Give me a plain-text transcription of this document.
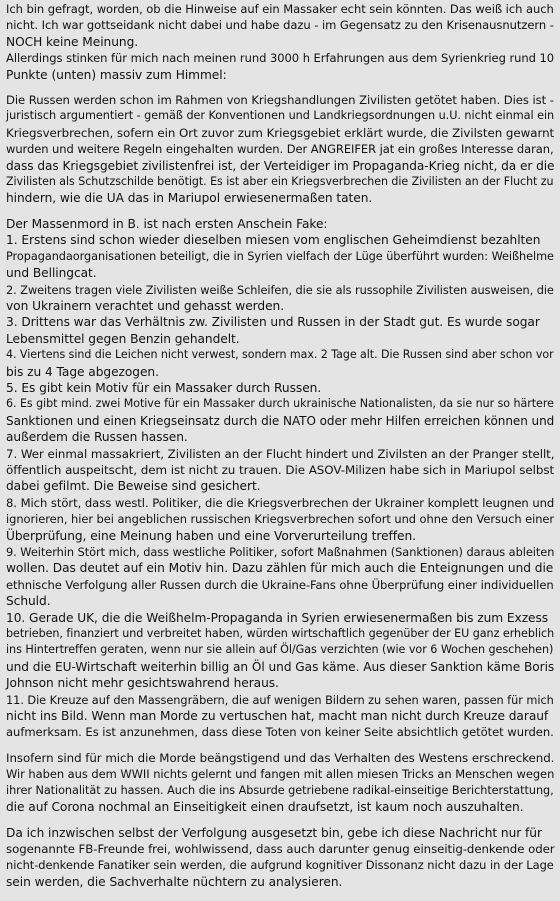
Ich bin gefragt, worden, ob die Hinweise auf ein Massaker echt sein könnten. Das weiß ich auch
nicht. Ich war gottseidank nicht dabei und habe dazu - im Gegensatz zu den Krisenausnutzern -
NOCH keine Meinung.
Allerdings stinken für mich nach meinen rund 3000 h Erfahrungen aus dem Syrienkrieg rund 10
Punkte (unten) massiv zum Himmel:

Die Russen werden schon im Rahmen von Kriegshandlungen Zivilisten getötet haben. Dies ist -
juristisch argumentiert - gemäß der Konventionen und Landkriegsordnungen u.U. nicht einmal ein
Kriegsverbrechen, sofern ein Ort zuvor zum Kriegsgebiet erklärt wurde, die Zivilsten gewarnt
wurden und weitere Regeln eingehalten wurden. Der ANGREIFER jat ein großes Interesse daran,
dass das Kriegsgebiet zivilistenfrei ist, der Verteidiger im Propaganda-Krieg nicht, da er die
Zivilisten als Schutzschilde benötigt. Es ist aber ein Kriegsverbrechen die Zivilisten an der Flucht zu
hindern, wie die UA das in Mariupol erwiesenermaßen taten.

Der Massenmord in B. ist nach ersten Anschein Fake:
1. Erstens sind schon wieder dieselben miesen vom englischen Geheimdienst bezahlten
Propagandaorganisationen beteiligt, die in Syrien vielfach der Lüge überführt wurden: Weißhelme
und Bellingcat.
2. Zweitens tragen viele Zivilisten weiße Schleifen, die sie als russophile Zivilisten ausweisen, die
von Ukrainern verachtet und gehasst werden.
3. Drittens war das Verhältnis zw. Zivilisten und Russen in der Stadt gut. Es wurde sogar
Lebensmittel gegen Benzin gehandelt.
4. Viertens sind die Leichen nicht verwest, sondern max. 2 Tage alt. Die Russen sind aber schon vor
bis zu 4 Tage abgezogen.
5. Es gibt kein Motiv für ein Massaker durch Russen.
6. Es gibt mind. zwei Motive für ein Massaker durch ukrainische Nationalisten, da sie nur so härtere
Sanktionen und einen Kriegseinsatz durch die NATO oder mehr Hilfen erreichen können und
außerdem die Russen hassen.
7. Wer einmal massakriert, Zivilisten an der Flucht hindert und Zivilsten an der Pranger stellt,
öffentlich auspeitscht, dem ist nicht zu trauen. Die ASOV-Milizen habe sich in Mariupol selbst
dabei gefilmt. Die Beweise sind gesichert.
8. Mich stört, dass westl. Politiker, die die Kriegsverbrechen der Ukrainer komplett leugnen und
ignorieren, hier bei angeblichen russischen Kriegsverbrechen sofort und ohne den Versuch einer
Überprüfung, eine Meinung haben und eine Vorverurteilung treffen.
9. Weiterhin Stört mich, dass westliche Politiker, sofort Maßnahmen (Sanktionen) daraus ableiten
wollen. Das deutet auf ein Motiv hin. Dazu zählen für mich auch die Enteignungen und die
ethnische Verfolgung aller Russen durch die Ukraine-Fans ohne Überprüfung einer individuellen
Schuld.
10. Gerade UK, die die Weißhelm-Propaganda in Syrien erwiesenermaßen bis zum Exzess
betrieben, finanziert und verbreitet haben, würden wirtschaftlich gegenüber der EU ganz erheblich
ins Hintertreffen geraten, wenn nur sie allein auf Öl/Gas verzichten (wie vor 6 Wochen geschehen)
und die EU-Wirtschaft weiterhin billig an Öl und Gas käme. Aus dieser Sanktion käme Boris
Johnson nicht mehr gesichtswahrend heraus.
11. Die Kreuze auf den Massengräbern, die auf wenigen Bildern zu sehen waren, passen für mich
nicht ins Bild. Wenn man Morde zu vertuschen hat, macht man nicht durch Kreuze darauf
aufmerksam. Es ist anzunehmen, dass diese Toten von keiner Seite absichtlich getötet wurden.

Insofern sind für mich die Morde beängstigend und das Verhalten des Westens erschreckend.
Wir haben aus dem WWII nichts gelernt und fangen mit allen miesen Tricks an Menschen wegen
ihrer Nationalität zu hassen. Auch die ins Absurde getriebene radikal-einseitige Berichterstattung,
die auf Corona nochmal an Einseitigkeit einen draufsetzt, ist kaum noch auszuhalten.

Da ich inzwischen selbst der Verfolgung ausgesetzt bin, gebe ich diese Nachricht nur für
sogenannte FB-Freunde frei, wohlwissend, dass auch darunter genug einseitig-denkende oder
nicht-denkende Fanatiker sein werden, die aufgrund kognitiver Dissonanz nicht dazu in der Lage
sein werden, die Sachverhalte nüchtern zu analysieren.
